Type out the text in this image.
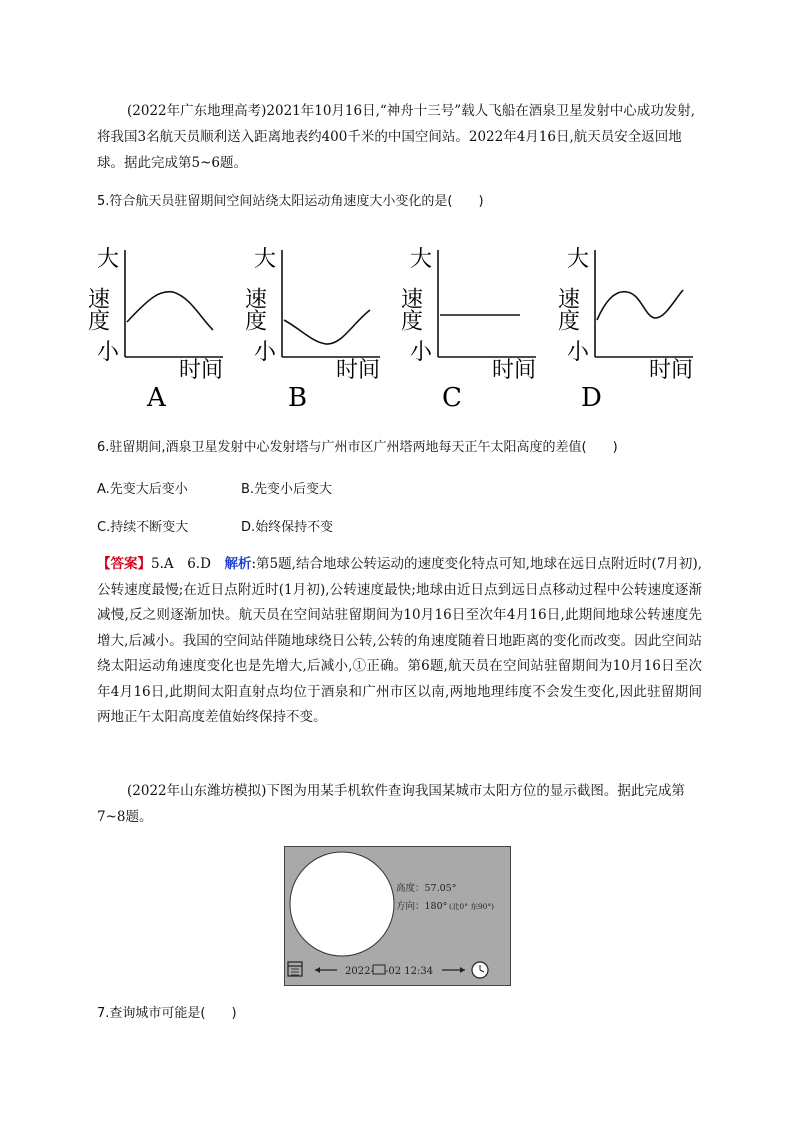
(2022年广东地理高考)2021年10月16日,“神舟十三号”载人飞船在酒泉卫星发射中心成功发射,将我国3名航天员顺利送入距离地表约400千米的中国空间站。2022年4月16日,航天员安全返回地球。据此完成第5~6题。

5.符合航天员驻留期间空间站绕太阳运动角速度大小变化的是(　　)

大
速度
小
时间
A
大
速度
小
时间
B
大
速度
小
时间
C
大
速度
小
时间
D

6.驻留期间,酒泉卫星发射中心发射塔与广州市区广州塔两地每天正午太阳高度的差值(　　)

A.先变大后变小	B.先变小后变大
C.持续不断变大	D.始终保持不变

【答案】5.A　6.D　解析:第5题,结合地球公转运动的速度变化特点可知,地球在远日点附近时(7月初),公转速度最慢;在近日点附近时(1月初),公转速度最快;地球由近日点到远日点移动过程中公转速度逐渐减慢,反之则逐渐加快。航天员在空间站驻留期间为10月16日至次年4月16日,此期间地球公转速度先增大,后减小。我国的空间站伴随地球绕日公转,公转的角速度随着日地距离的变化而改变。因此空间站绕太阳运动角速度变化也是先增大,后减小,①正确。第6题,航天员在空间站驻留期间为10月16日至次年4月16日,此期间太阳直射点均位于酒泉和广州市区以南,两地地理纬度不会发生变化,因此驻留期间两地正午太阳高度差值始终保持不变。

(2022年山东潍坊模拟)下图为用某手机软件查询我国某城市太阳方位的显示截图。据此完成第7~8题。

高度：57.05°
方向：180° (北0° 东90°)
2022- -02 12:34

7.查询城市可能是(　　)
